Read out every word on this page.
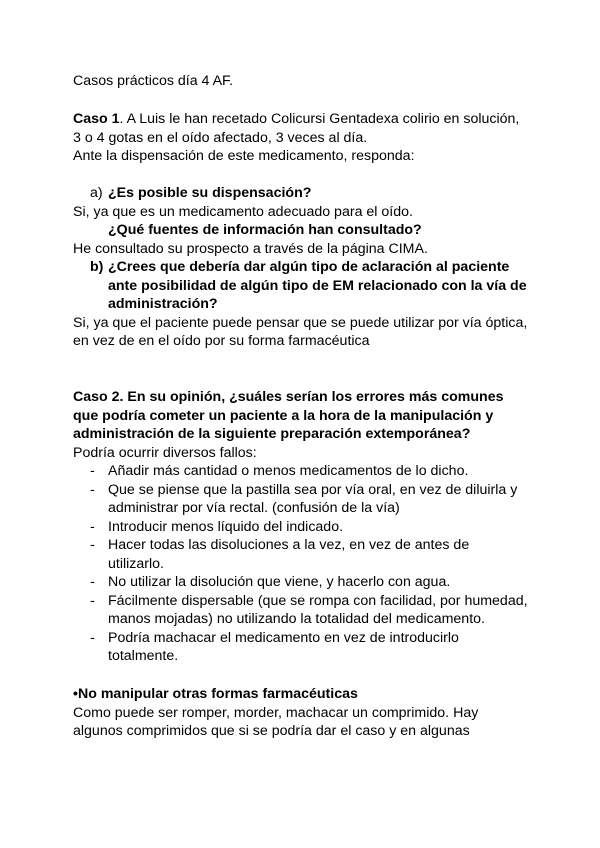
Casos prácticos día 4 AF.
Caso 1. A Luis le han recetado Colicursi Gentadexa colirio en solución,
3 o 4 gotas en el oído afectado, 3 veces al día.
Ante la dispensación de este medicamento, responda:
a) ¿Es posible su dispensación?
Si, ya que es un medicamento adecuado para el oído.
¿Qué fuentes de información han consultado?
He consultado su prospecto a través de la página CIMA.
b) ¿Crees que debería dar algún tipo de aclaración al paciente
ante posibilidad de algún tipo de EM relacionado con la vía de
administración?
Si, ya que el paciente puede pensar que se puede utilizar por vía óptica,
en vez de en el oído por su forma farmacéutica
Caso 2. En su opinión, ¿suáles serían los errores más comunes
que podría cometer un paciente a la hora de la manipulación y
administración de la siguiente preparación extemporánea?
Podría ocurrir diversos fallos:
- Añadir más cantidad o menos medicamentos de lo dicho.
- Que se piense que la pastilla sea por vía oral, en vez de diluirla y
administrar por vía rectal. (confusión de la vía)
- Introducir menos líquido del indicado.
- Hacer todas las disoluciones a la vez, en vez de antes de
utilizarlo.
- No utilizar la disolución que viene, y hacerlo con agua.
- Fácilmente dispersable (que se rompa con facilidad, por humedad,
manos mojadas) no utilizando la totalidad del medicamento.
- Podría machacar el medicamento en vez de introducirlo
totalmente.
•No manipular otras formas farmacéuticas
Como puede ser romper, morder, machacar un comprimido. Hay
algunos comprimidos que si se podría dar el caso y en algunas
